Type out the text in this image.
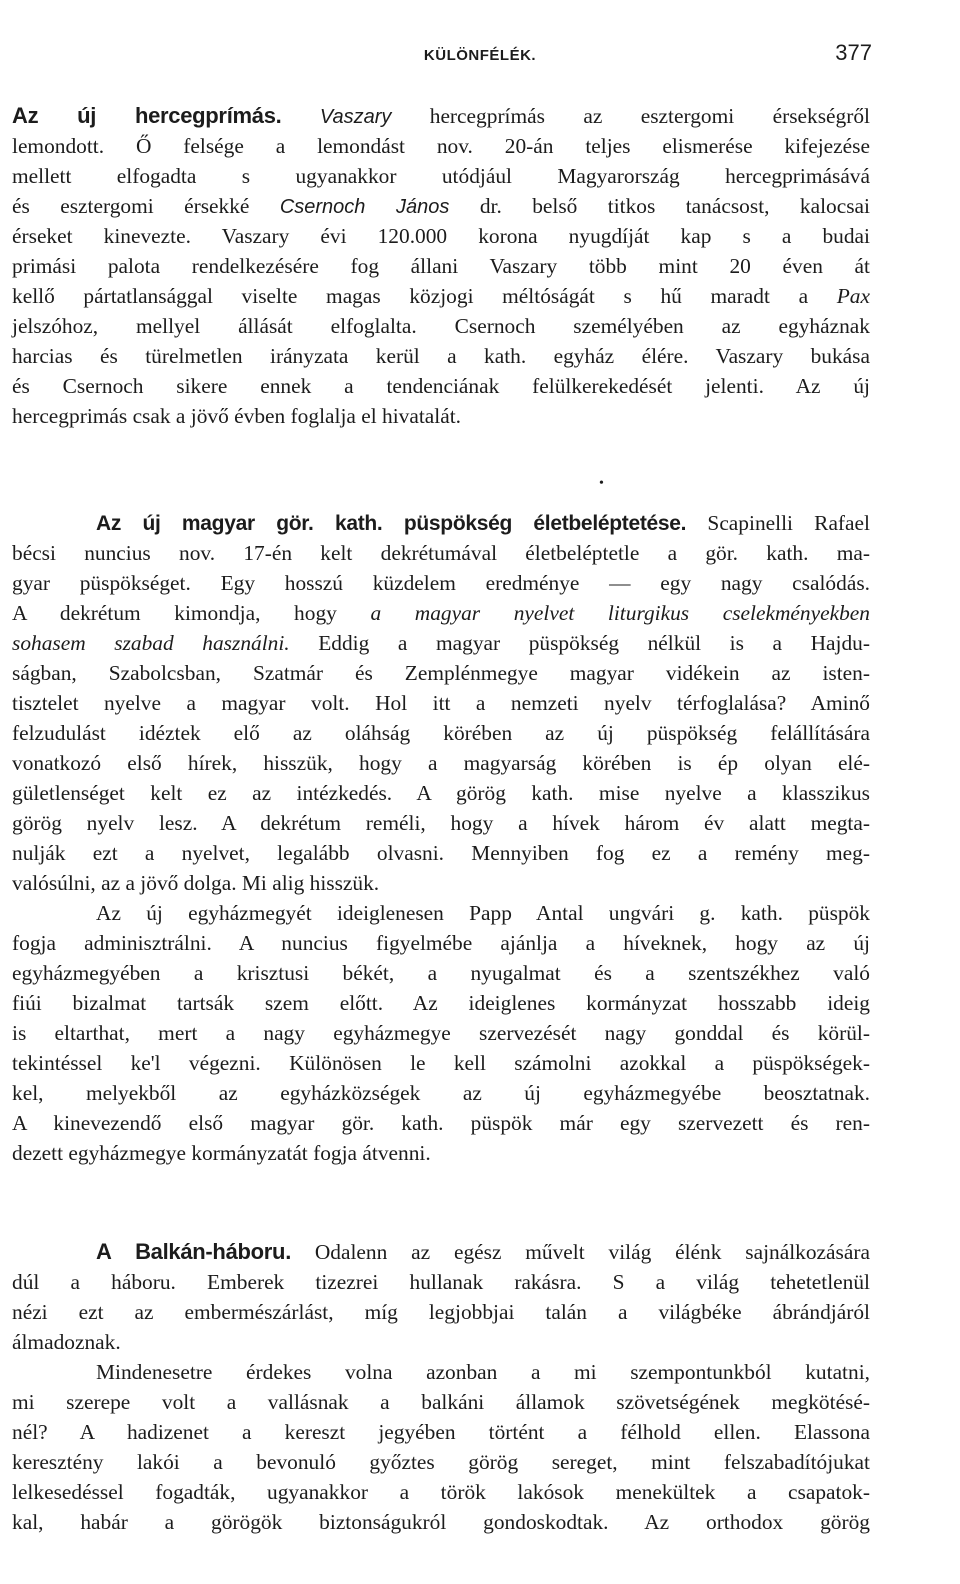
KÜLÖNFÉLÉK.	377
Az új hercegprímás. Vaszary hercegprímás az esztergomi érsekségről
lemondott. Ő felsége a lemondást nov. 20-án teljes elismerése kifejezése
mellett elfogadta s ugyanakkor utódjául Magyarország hercegprimásává
és esztergomi érsekké Csernoch János dr. belső titkos tanácsost, kalocsai
érseket kinevezte. Vaszary évi 120.000 korona nyugdíját kap s a budai
primási palota rendelkezésére fog állani Vaszary több mint 20 éven át
kellő pártatlansággal viselte magas közjogi méltóságát s hű maradt a Pax
jelszóhoz, mellyel állását elfoglalta. Csernoch személyében az egyháznak
harcias és türelmetlen irányzata kerül a kath. egyház élére. Vaszary bukása
és Csernoch sikere ennek a tendenciának felülkerekedését jelenti. Az új
hercegprimás csak a jövő évben foglalja el hivatalát.
•
Az új magyar gör. kath. püspökség életbeléptetése. Scapinelli Rafael
bécsi nuncius nov. 17-én kelt dekrétumával életbeléptetle a gör. kath. ma-
gyar püspökséget. Egy hosszú küzdelem eredménye — egy nagy csalódás.
A dekrétum kimondja, hogy a magyar nyelvet liturgikus cselekményekben
sohasem szabad használni. Eddig a magyar püspökség nélkül is a Hajdu-
ságban, Szabolcsban, Szatmár és Zemplénmegye magyar vidékein az isten-
tisztelet nyelve a magyar volt. Hol itt a nemzeti nyelv térfoglalása? Aminő
felzudulást idéztek elő az oláhság körében az új püspökség felállítására
vonatkozó első hírek, hisszük, hogy a magyarság körében is ép olyan elé-
gületlenséget kelt ez az intézkedés. A görög kath. mise nyelve a klasszikus
görög nyelv lesz. A dekrétum reméli, hogy a hívek három év alatt megta-
nulják ezt a nyelvet, legalább olvasni. Mennyiben fog ez a remény meg-
valósúlni, az a jövő dolga. Mi alig hisszük.
Az új egyházmegyét ideiglenesen Papp Antal ungvári g. kath. püspök
fogja adminisztrálni. A nuncius figyelmébe ajánlja a híveknek, hogy az új
egyházmegyében a krisztusi békét, a nyugalmat és a szentszékhez való
fiúi bizalmat tartsák szem előtt. Az ideiglenes kormányzat hosszabb ideig
is eltarthat, mert a nagy egyházmegye szervezését nagy gonddal és körül-
tekintéssel ke'l végezni. Különösen le kell számolni azokkal a püspökségek-
kel, melyekből az egyházközségek az új egyházmegyébe beosztatnak.
A kinevezendő első magyar gör. kath. püspök már egy szervezett és ren-
dezett egyházmegye kormányzatát fogja átvenni.
A Balkán-háboru. Odalenn az egész művelt világ élénk sajnálkozására
dúl a háboru. Emberek tizezrei hullanak rakásra. S a világ tehetetlenül
nézi ezt az embermészárlást, míg legjobbjai talán a világbéke ábrándjáról
álmadoznak.
Mindenesetre érdekes volna azonban a mi szempontunkból kutatni,
mi szerepe volt a vallásnak a balkáni államok szövetségének megkötésé-
nél? A hadizenet a kereszt jegyében történt a félhold ellen. Elassona
keresztény lakói a bevonuló győztes görög sereget, mint felszabadítójukat
lelkesedéssel fogadták, ugyanakkor a török lakósok menekültek a csapatok-
kal, habár a görögök biztonságukról gondoskodtak. Az orthodox görög
